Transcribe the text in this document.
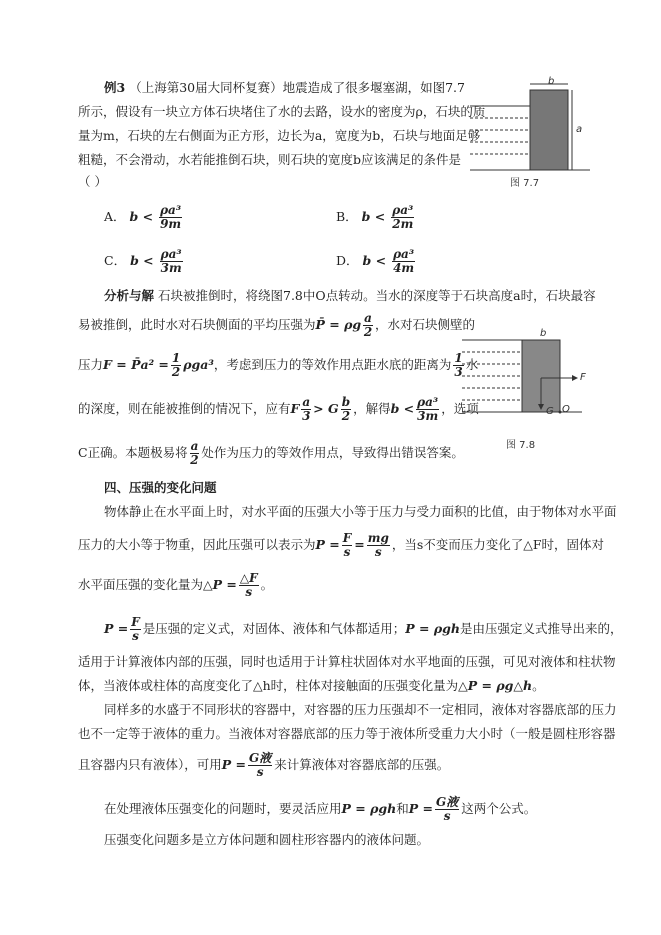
例3 （上海第30届大同杯复赛）地震造成了很多堰塞湖，如图7.7
所示，假设有一块立方体石块堵住了水的去路，设水的密度为ρ，石块的质
量为m，石块的左右侧面为正方形，边长为a，宽度为b，石块与地面足够
粗糙，不会滑动，水若能推倒石块，则石块的宽度b应该满足的条件是
（ ）
b
a
图 7.7
A． $b < \frac{\text{ρa³}}{9m}$	B． $b < \frac{\text{ρa³}}{2m}$
C． $b < \frac{\text{ρa³}}{3m}$	D． $b < \frac{\text{ρa³}}{4m}$
分析与解 石块被推倒时，将绕图7.8中O点转动。当水的深度等于石块高度a时，石块最容
易被推倒，此时水对石块侧面的平均压强为P̄ = ρg $\frac{a}{2}$ ，水对石块侧壁的
压力F = P̄a² = $\frac{1}{2} \rho ga^3$，考虑到压力的等效作用点距水底的距离为 $\frac{1}{3}$ 水
的深度，则在能被推倒的情况下，应有F $\frac{a}{3} > G \frac{b}{2}$ ，解得$b < \frac{\text{ρa³}}{3m}$ ，选项
C正确。本题极易将 $\frac{a}{2}$ 处作为压力的等效作用点，导致得出错误答案。
b
F
G O
图 7.8
四、压强的变化问题
物体静止在水平面上时，对水平面的压强大小等于压力与受力面积的比值，由于物体对水平面
压力的大小等于物重，因此压强可以表示为$P = \frac{F}{s} = \frac{mg}{s}$ ，当s不变而压力变化了△F时，固体对
水平面压强的变化量为△P = $\frac{\triangle F}{s}$ 。
$P = \frac{F}{s}$ 是压强的定义式，对固体、液体和气体都适用；P = ρgh是由压强定义式推导出来的，
适用于计算液体内部的压强，同时也适用于计算柱状固体对水平地面的压强，可见对液体和柱状物
体，当液体或柱体的高度变化了△h时，柱体对接触面的压强变化量为△P = ρg△h。
同样多的水盛于不同形状的容器中，对容器的压力压强却不一定相同，液体对容器底部的压力
也不一定等于液体的重力。当液体对容器底部的压力等于液体所受重力大小时（一般是圆柱形容器
且容器内只有液体），可用$P = \frac{\text{G液}}{s}$ 来计算液体对容器底部的压强。
在处理液体压强变化的问题时，要灵活应用P = ρgh和$P = \frac{\text{G液}}{s}$ 这两个公式。
压强变化问题多是立方体问题和圆柱形容器内的液体问题。
